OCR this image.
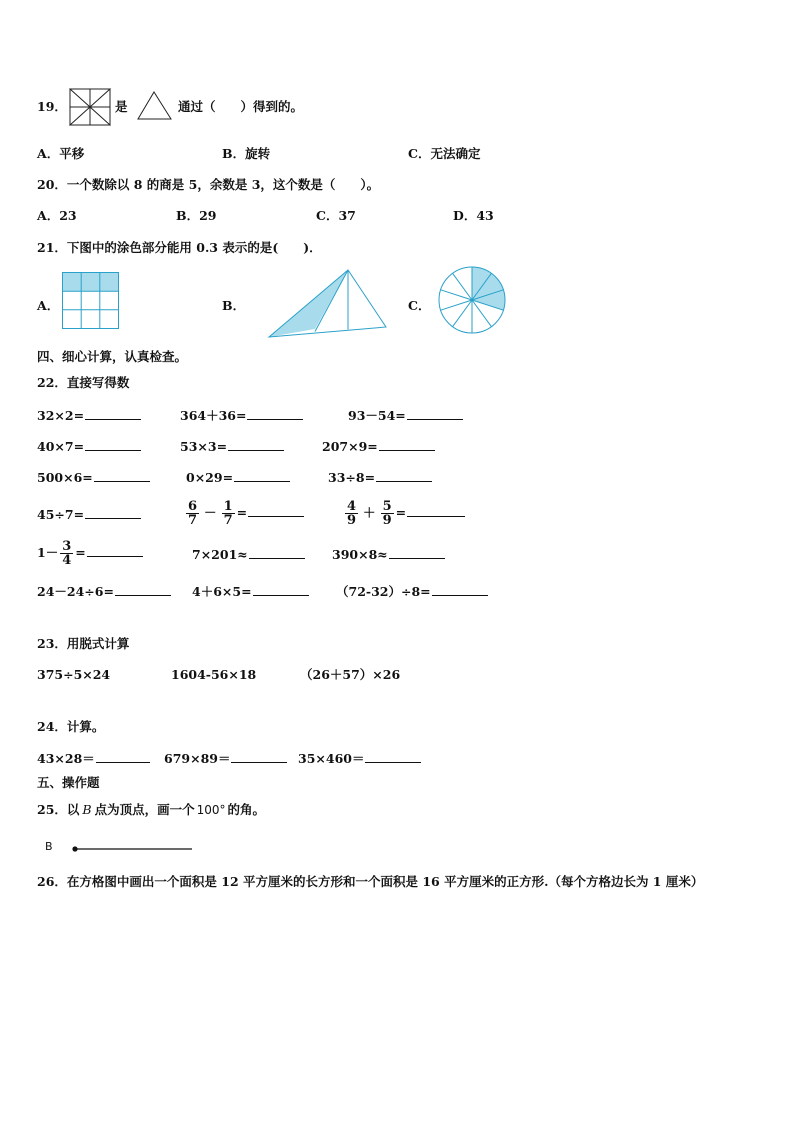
19．	是	通过（　　）得到的。
A．平移	B．旋转	C．无法确定
20．一个数除以 8 的商是 5，余数是 3，这个数是（　　）。
A．23	B．29	C．37	D．43
21．下图中的涂色部分能用 0.3 表示的是(　　)．
A．	B．	C．
四、细心计算，认真检查。
22．直接写得数
32×2=	364＋36=	93－54=
40×7=	53×3=	207×9=
500×6=	0×29=	33÷8=
45÷7=	$\frac{6}{7} - \frac{1}{7}$ =	$\frac{4}{9} + \frac{5}{9}$ =
$1- \frac{3}{4}$ =	7×201≈	390×8≈
24－24÷6=	4＋6×5=	（72-32）÷8=
23．用脱式计算
375÷5×24	1604-56×18	（26＋57）×26
24．计算。
43×28＝	679×89＝	35×460＝
五、操作题
25．以 B 点为顶点，画一个 100° 的角。
B
26．在方格图中画出一个面积是 12 平方厘米的长方形和一个面积是 16 平方厘米的正方形.（每个方格边长为 1 厘米）
